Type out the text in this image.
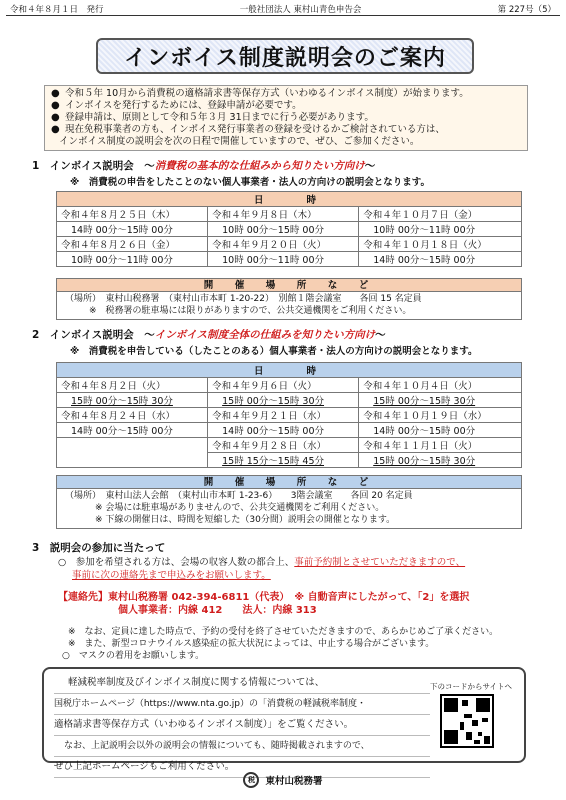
令和４年８月１日　発行	一般社団法人 東村山青色申告会	第 227号（5）
インボイス制度説明会のご案内
● 令和５年 10月から消費税の適格請求書等保存方式（いわゆるインボイス制度）が始まります。
● インボイスを発行するためには、登録申請が必要です。
● 登録申請は、原則として令和５年３月 31日までに行う必要があります。
● 現在免税事業者の方も、インボイス発行事業者の登録を受けるかご検討されている方は、
インボイス制度の説明会を次の日程で開催していますので、ぜひ、ご参加ください。
1　インボイス説明会　～消費税の基本的な仕組みから知りたい方向け～
※　消費税の申告をしたことのない個人事業者・法人の方向けの説明会となります。
日　　時		
令和４年８月２５日（木）	令和４年９月８日（木）	令和４年１０月７日（金）
14時 00分～15時 00分	10時 00分～15時 00分	10時 00分～11時 00分
令和４年８月２６日（金）	令和４年９月２０日（火）	令和４年１０月１８日（火）
10時 00分～11時 00分	10時 00分～11時 00分	14時 00分～15時 00分
開　催　場　所　な　ど
（場所）　東村山税務署　（東村山市本町 1-20-22）　別館１階会議室　　各回 15 名定員
※　税務署の駐車場には限りがありますので、公共交通機関をご利用ください。
2　インボイス説明会　～インボイス制度全体の仕組みを知りたい方向け～
※　消費税を申告している（したことのある）個人事業者・法人の方向けの説明会となります。
日　　時		
令和４年８月２日（火）	令和４年９月６日（火）	令和４年１０月４日（火）
15時 00分～15時 30分	15時 00分～15時 30分	15時 00分～15時 30分
令和４年８月２４日（水）	令和４年９月２１日（水）	令和４年１０月１９日（水）
14時 00分～15時 00分	14時 00分～15時 00分	14時 00分～15時 00分
	令和４年９月２８日（水）	令和４年１１月１日（火）
	15時 15分～15時 45分	15時 00分～15時 30分
開　催　場　所　な　ど
（場所）　東村山法人会館　（東村山市本町 1-23-6）　　3階会議室　　各回 20 名定員
※ 会場には駐車場がありませんので、公共交通機関をご利用ください。
※ 下線の開催日は、時間を短縮した（30分間）説明会の開催となります。
3　説明会の参加に当たって
○　参加を希望される方は、会場の収容人数の都合上、事前予約制とさせていただきますので、
事前に次の連絡先まで申込みをお願いします。
【連絡先】東村山税務署 042-394-6811（代表）　※ 自動音声にしたがって、「2」を選択
個人事業者：内線 412　　法人：内線 313
※　なお、定員に達した時点で、予約の受付を終了させていただきますので、あらかじめご了承ください。
※　また、新型コロナウイルス感染症の拡大状況によっては、中止する場合がございます。
○　マスクの着用をお願いします。
軽減税率制度及びインボイス制度に関する情報については、
国税庁ホームページ（https://www.nta.go.jp）の「消費税の軽減税率制度・
適格請求書等保存方式（いわゆるインボイス制度）」をご覧ください。
なお、上記説明会以外の説明会の情報についても、随時掲載されますので、
ぜひ上記ホームページもご利用ください。
下のコードからサイトへ
税	東村山税務署
